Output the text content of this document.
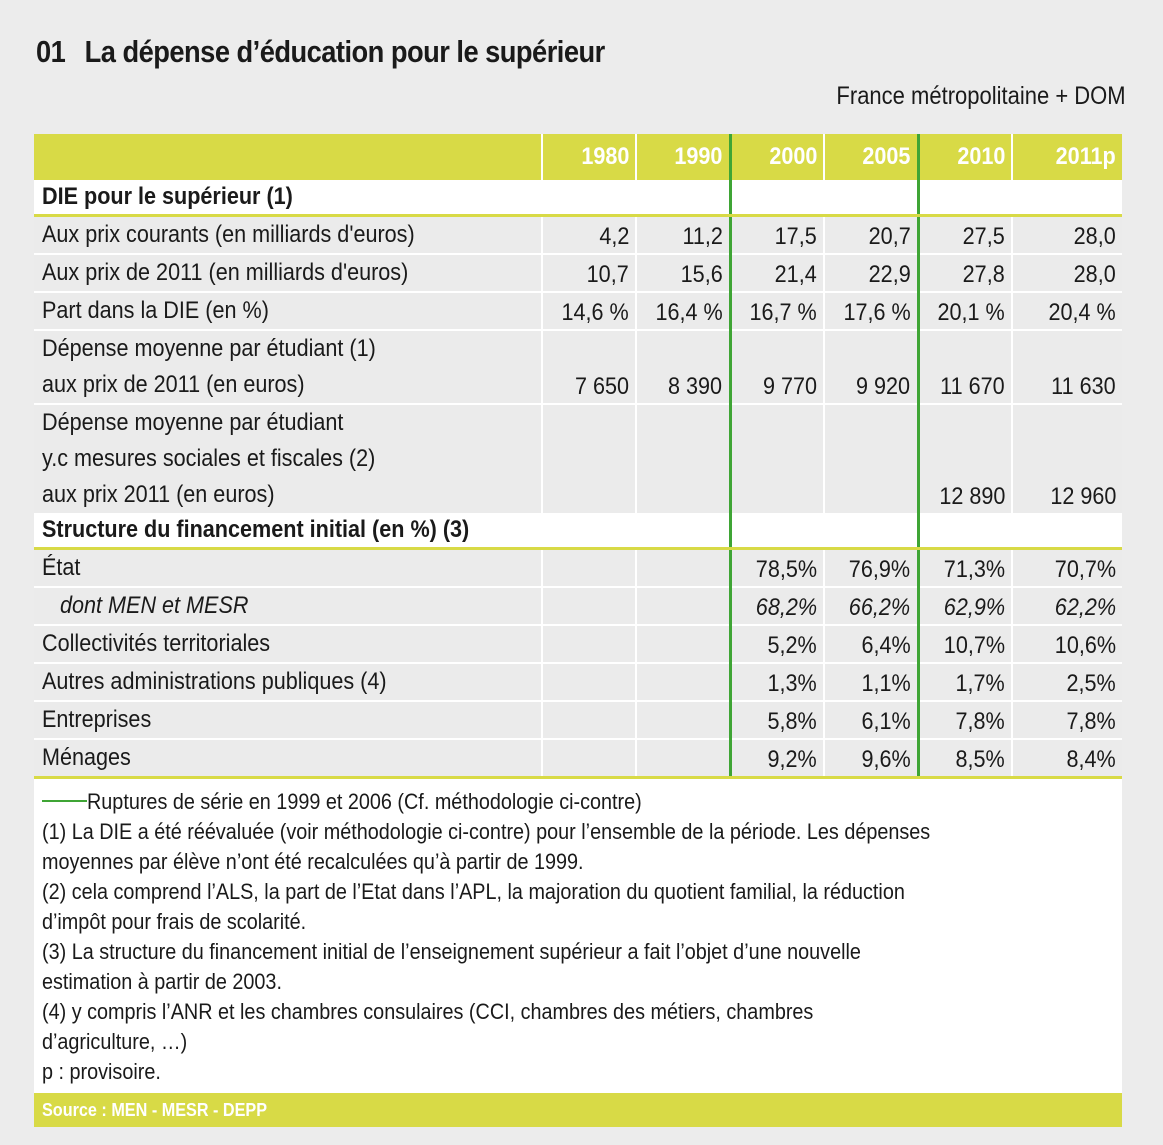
01 La dépense d’éducation pour le supérieur
France métropolitaine + DOM
	1980	1990	2000	2005	2010	2011p
DIE pour le supérieur (1)						
Aux prix courants (en milliards d'euros)	4,2	11,2	17,5	20,7	27,5	28,0
Aux prix de 2011 (en milliards d'euros)	10,7	15,6	21,4	22,9	27,8	28,0
Part dans la DIE (en %)	14,6 %	16,4 %	16,7 %	17,6 %	20,1 %	20,4 %

Dépense moyenne par étudiant (1)
aux prix de 2011 (en euros)	7 650	8 390	9 770	9 920	11 670	11 630

Dépense moyenne par étudiant
y.c mesures sociales et fiscales (2)
aux prix 2011 (en euros)					12 890	12 960
Structure du financement initial (en %) (3)						
État			78,5%	76,9%	71,3%	70,7%
dont MEN et MESR			68,2%	66,2%	62,9%	62,2%
Collectivités territoriales			5,2%	6,4%	10,7%	10,6%
Autres administrations publiques (4)			1,3%	1,1%	1,7%	2,5%
Entreprises			5,8%	6,1%	7,8%	7,8%
Ménages			9,2%	9,6%	8,5%	8,4%

Ruptures de série en 1999 et 2006 (Cf. méthodologie ci-contre)

(1) La DIE a été réévaluée (voir méthodologie ci-contre) pour l’ensemble de la période. Les dépenses

moyennes par élève n’ont été recalculées qu’à partir de 1999.

(2) cela comprend l’ALS, la part de l’Etat dans l’APL, la majoration du quotient familial, la réduction

d’impôt pour frais de scolarité.

(3) La structure du financement initial de l’enseignement supérieur a fait l’objet d’une nouvelle

estimation à partir de 2003.

(4) y compris l’ANR et les chambres consulaires (CCI, chambres des métiers, chambres

d’agriculture, …)

p : provisoire.

Source : MEN - MESR - DEPP
